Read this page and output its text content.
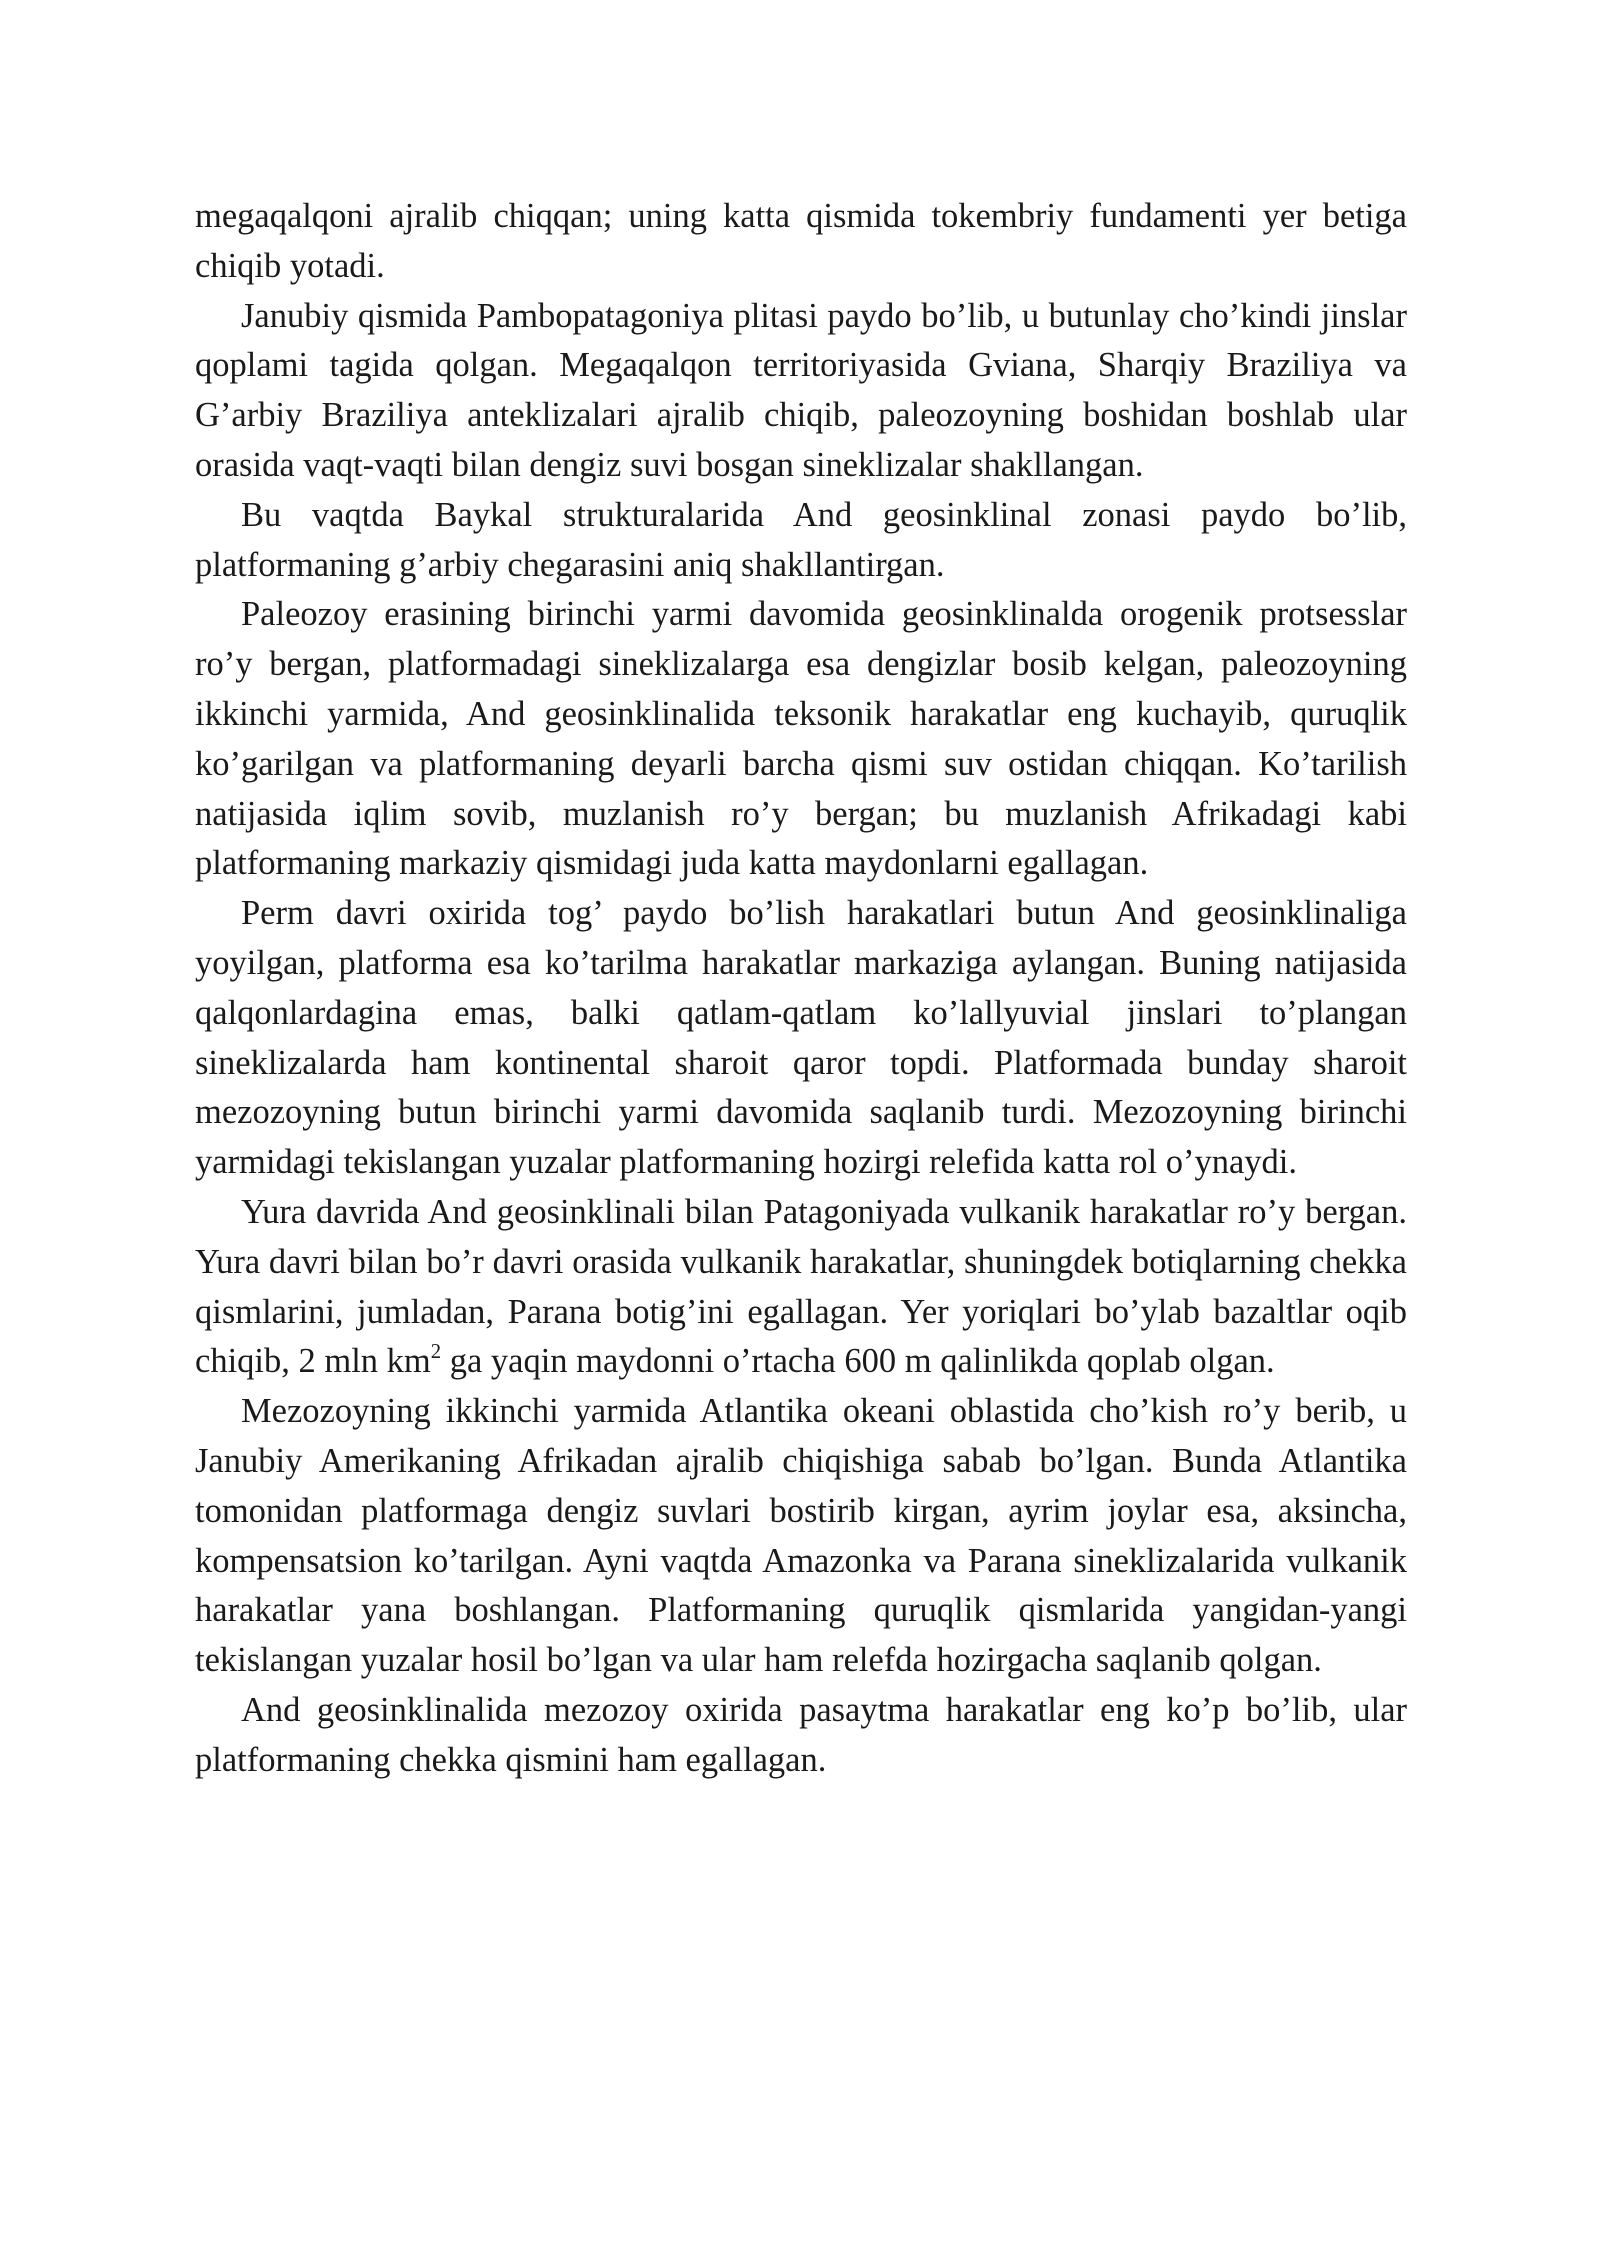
megaqalqoni ajralib chiqqan; uning katta qismida tokembriy fundamenti yer betiga chiqib yotadi.

Janubiy qismida Pambopatagoniya plitasi paydo bo’lib, u butunlay cho’kindi jinslar qoplami tagida qolgan. Megaqalqon territoriyasida Gviana, Sharqiy Braziliya va G’arbiy Braziliya anteklizalari ajralib chiqib, paleozoyning boshidan boshlab ular orasida vaqt-vaqti bilan dengiz suvi bosgan sineklizalar shakllangan.

Bu vaqtda Baykal strukturalarida And geosinklinal zonasi paydo bo’lib, platformaning g’arbiy chegarasini aniq shakllantirgan.

Paleozoy erasining birinchi yarmi davomida geosinklinalda orogenik protsesslar ro’y bergan, platformadagi sineklizalarga esa dengizlar bosib kelgan, paleozoyning ikkinchi yarmida, And geosinklinalida teksonik harakatlar eng kuchayib, quruqlik ko’garilgan va platformaning deyarli barcha qismi suv ostidan chiqqan. Ko’tarilish natijasida iqlim sovib, muzlanish ro’y bergan; bu muzlanish Afrikadagi kabi platformaning markaziy qismidagi juda katta maydonlarni egallagan.

Perm davri oxirida tog’ paydo bo’lish harakatlari butun And geosinklinaliga yoyilgan, platforma esa ko’tarilma harakatlar markaziga aylangan. Buning natijasida qalqonlardagina emas, balki qatlam-qatlam ko’lallyuvial jinslari to’plangan sineklizalarda ham kontinental sharoit qaror topdi. Platformada bunday sharoit mezozoyning butun birinchi yarmi davomida saqlanib turdi. Mezozoyning birinchi yarmidagi tekislangan yuzalar platformaning hozirgi relefida katta rol o’ynaydi.

Yura davrida And geosinklinali bilan Patagoniyada vulkanik harakatlar ro’y bergan. Yura davri bilan bo’r davri orasida vulkanik harakatlar, shuningdek botiqlarning chekka qismlarini, jumladan, Parana botig’ini egallagan. Yer yoriqlari bo’ylab bazaltlar oqib chiqib, 2 mln $km^2$ ga yaqin maydonni o’rtacha 600 m qalinlikda qoplab olgan.

Mezozoyning ikkinchi yarmida Atlantika okeani oblastida cho’kish ro’y berib, u Janubiy Amerikaning Afrikadan ajralib chiqishiga sabab bo’lgan. Bunda Atlantika tomonidan platformaga dengiz suvlari bostirib kirgan, ayrim joylar esa, aksincha, kompensatsion ko’tarilgan. Ayni vaqtda Amazonka va Parana sineklizalarida vulkanik harakatlar yana boshlangan. Platformaning quruqlik qismlarida yangidan-yangi tekislangan yuzalar hosil bo’lgan va ular ham relefda hozirgacha saqlanib qolgan.

And geosinklinalida mezozoy oxirida pasaytma harakatlar eng ko’p bo’lib, ular platformaning chekka qismini ham egallagan.
